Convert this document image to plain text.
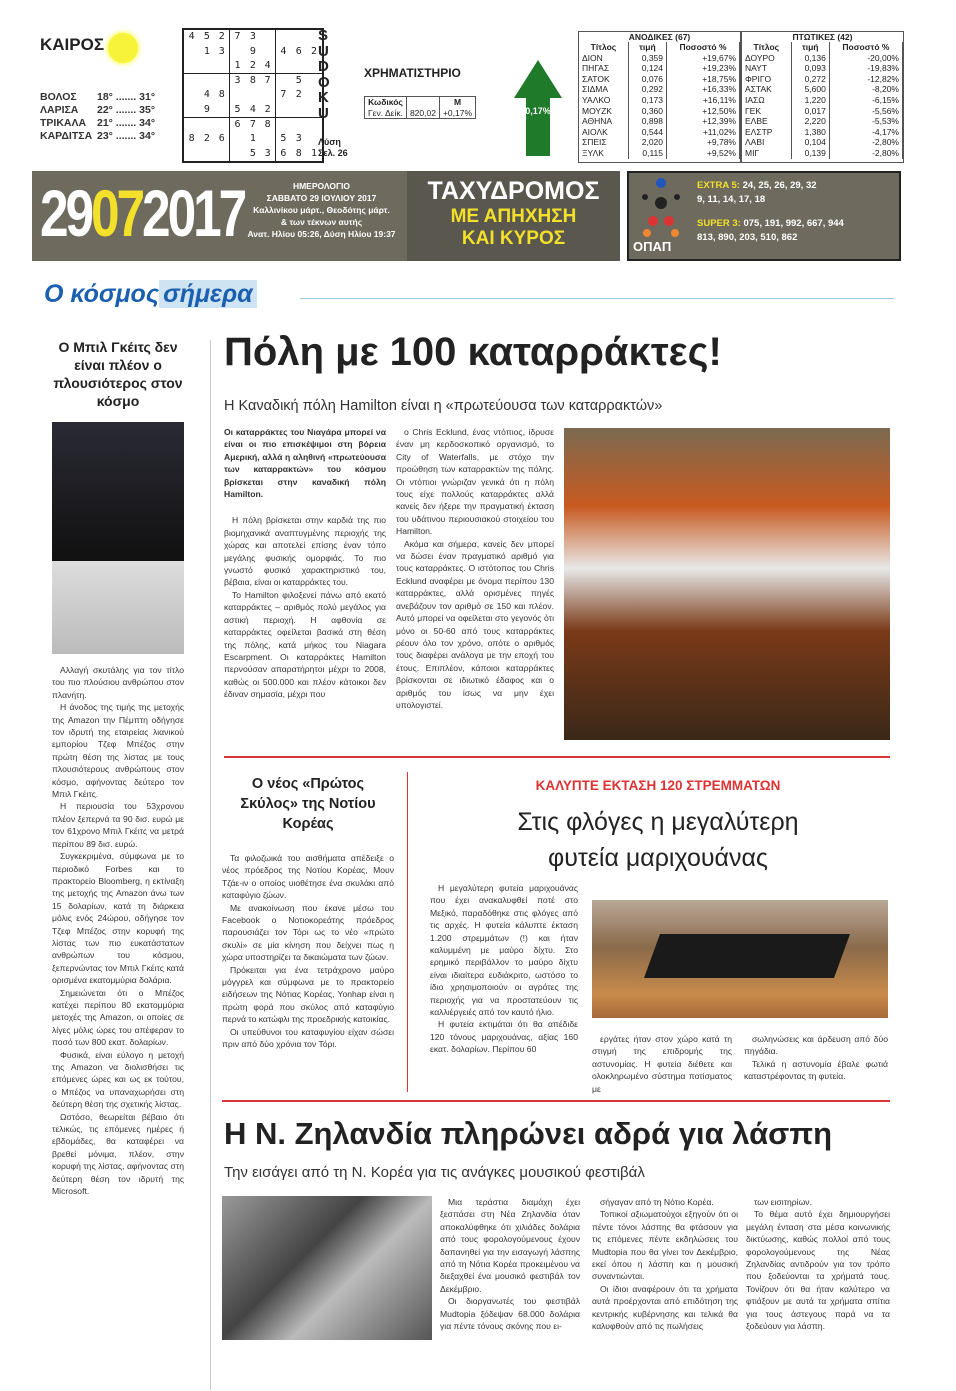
ΚΑΙΡΟΣ
ΒΟΛΟΣ	18° ....... 31°
ΛΑΡΙΣΑ	22° ....... 35°
ΤΡΙΚΑΛΑ	21° ....... 34°
ΚΑΡΔΙΤΣΑ 23° ....... 34°
4 5 2 7 3
1 3	9	4 6 2
1 2 4
3 8 7	5
4 8	7 2
9	5 4 2
6 7 8
8 2 6	1	5 3
5 3 6 8 1
SUDOKU
Λύση
Σελ. 26
ΧΡΗΜΑΤΙΣΤΗΡΙΟ
Κωδικός		Μ
Γεν. Δείκ.	820,02	+0,17%	+0,17%
ΑΝΟΔΙΚΕΣ (67)
Τίτλος	τιμή	Ποσοστό %
ΔΙΟΝ	0,359	+19,67%
ΠΗΓΑΣ	0,124	+19,23%
ΣΑΤΟΚ	0,076	+18,75%
ΣΙΔΜΑ	0,292	+16,33%
ΥΑΛΚΟ	0,173	+16,11%
ΜΟΥΖΚ	0,360	+12,50%
ΑΘΗΝΑ	0,898	+12,39%
ΑΙΟΛΚ	0,544	+11,02%
ΣΠΕΙΣ	2,020	+9,78%
ΞΥΛΚ	0,115	+9,52%
ΠΤΩΤΙΚΕΣ (42)
Τίτλος	τιμή	Ποσοστό %
ΔΟΥΡΟ	0,136	-20,00%
ΝΑΥΤ	0,093	-19,83%
ΦΡΙΓΟ	0,272	-12,82%
ΑΣΤΑΚ	5,600	-8,20%
ΙΑΣΩ	1,220	-6,15%
ΓΕΚ	0,017	-5,56%
ΕΛΒΕ	2,220	-5,53%
ΕΛΣΤΡ	1,380	-4,17%
ΛΑΒΙ	0,104	-2,80%
ΜΙΓ	0,139	-2,80%
29072017	ΗΜΕΡΟΛΟΓΙΟ
ΣΑΒΒΑΤΟ 29 ΙΟΥΛΙΟΥ 2017
Καλλινίκου μάρτ., Θεοδότης μάρτ.
& των τέκνων αυτής
Ανατ. Ηλίου 05:26, Δύση Ηλίου 19:37
ΤΑΧΥΔΡΟΜΟΣ
ΜΕ ΑΠΗΧΗΣΗ
ΚΑΙ ΚΥΡΟΣ	ΟΠΑΠ
EXTRA 5: 24, 25, 26, 29, 32
9, 11, 14, 17, 18
SUPER 3: 075, 191, 992, 667, 944
813, 890, 203, 510, 862
Ο κόσμος σήμερα
Ο Μπιλ Γκέιτς δεν είναι πλέον ο πλουσιότερος στον κόσμο

Αλλαγή σκυτάλης για τον τίτλο του πιο πλούσιου ανθρώπου στον πλανήτη.

Η άνοδος της τιμής της μετοχής της Amazon την Πέμπτη οδήγησε τον ιδρυτή της εταιρείας λιανικού εμπορίου Τζεφ Μπέζος στην πρώτη θέση της λίστας με τους πλουσιότερους ανθρώπους στον κόσμο, αφήνοντας δεύτερο τον Μπιλ Γκέιτς.

Η περιουσία του 53χρονου πλέον ξεπερνά τα 90 δισ. ευρώ με τον 61χρονο Μπιλ Γκέιτς να μετρά περίπου 89 δισ. ευρώ.

Συγκεκριμένα, σύμφωνα με το περιοδικό Forbes και το πρακτορείο Bloomberg, η εκτίναξη της μετοχής της Amazon άνω των 15 δολαρίων, κατά τη διάρκεια μόλις ενός 24ώρου, οδήγησε τον Τζεφ Μπέζος στην κορυφή της λίστας των πιο ευκατάστατων ανθρώπων του κόσμου, ξεπερνώντας τον Μπιλ Γκέιτς κατά ορισμένα εκατομμύρια δολάρια.

Σημειώνεται ότι ο Μπέζος κατέχει περίπου 80 εκατομμύρια μετοχές της Amazon, οι οποίες σε λίγες μόλις ώρες του απέφεραν το ποσό των 800 εκατ. δολαρίων.

Φυσικά, είναι εύλογο η μετοχή της Amazon να διολισθήσει τις επόμενες ώρες και ως εκ τούτου, ο Μπέζος να υπαναχωρήσει στη δεύτερη θέση της σχετικής λίστας.

Ωστόσο, θεωρείται βέβαιο ότι τελικώς, τις επόμενες ημέρες ή εβδομάδες, θα καταφέρει να βρεθεί μόνιμα, πλέον, στην κορυφή της λίστας, αφήνοντας στη δεύτερη θέση τον ιδρυτή της Microsoft.

Πόλη με 100 καταρράκτες!
Η Καναδική πόλη Hamilton είναι η «πρωτεύουσα των καταρρακτών»

Οι καταρράκτες του Νιαγάρα μπορεί να είναι οι πιο επισκέψιμοι στη βόρεια Αμερική, αλλά η αληθινή «πρωτεύουσα των καταρρακτών» του κόσμου βρίσκεται στην καναδική πόλη Hamilton.

Η πόλη βρίσκεται στην καρδιά της πιο βιομηχανικά αναπτυγμένης περιοχής της χώρας και αποτελεί επίσης έναν τόπο μεγάλης φυσικής ομορφιάς. Το πιο γνωστό φυσικό χαρακτηριστικό του, βέβαια, είναι οι καταρράκτες του.

Το Hamilton φιλοξενεί πάνω από εκατό καταρράκτες – αριθμός πολύ μεγάλος για αστική περιοχή. Η αφθονία σε καταρράκτες οφείλεται βασικά στη θέση της πόλης, κατά μήκος του Niagara Escarpment. Οι καταρράκτες Hamilton περνούσαν απαρατήρητοι μέχρι το 2008, καθώς οι 500.000 και πλέον κάτοικοι δεν έδιναν σημασία, μέχρι που

ο Chris Ecklund, ένας ντόπιος, ίδρυσε έναν μη κερδοσκοπικό οργανισμό, το City of Waterfalls, με στόχο την προώθηση των καταρρακτών της πόλης. Οι ντόπιοι γνώριζαν γενικά ότι η πόλη τους είχε πολλούς καταρράκτες αλλά κανείς δεν ήξερε την πραγματική έκταση του υδάτινου περιουσιακού στοιχείου του Hamilton.

Ακόμα και σήμερα, κανείς δεν μπορεί να δώσει έναν πραγματικό αριθμό για τους καταρράκτες. Ο ιστότοπος του Chris Ecklund αναφέρει με όνομα περίπου 130 καταρράκτες, αλλά ορισμένες πηγές ανεβάζουν τον αριθμό σε 150 και πλέον. Αυτό μπορεί να οφείλεται στο γεγονός ότι μόνο οι 50-60 από τους καταρράκτες ρέουν όλο τον χρόνο, οπότε ο αριθμός τους διαφέρει ανάλογα με την εποχή του έτους. Επιπλέον, κάποιοι καταρράκτες βρίσκονται σε ιδιωτικό έδαφος και ο αριθμός του ίσως να μην έχει υπολογιστεί.

Ο νέος «Πρώτος Σκύλος» της Νοτίου Κορέας

Τα φιλοζωικά του αισθήματα απέδειξε ο νέος πρόεδρος της Νοτίου Κορέας, Μουν Τζάε-ιν ο οποίος υιοθέτησε ένα σκυλάκι από καταφύγιο ζώων.

Με ανακοίνωση που έκανε μέσω του Facebook ο Νοτιοκορεάτης πρόεδρος παρουσιάζει τον Τόρι ως το νέο «πρώτο σκυλί» σε μία κίνηση που δείχνει πως η χώρα υποστηρίζει τα δικαιώματα των ζώων.

Πρόκειται για ένα τετράχρονο μαύρο μόγγρελ και σύμφωνα με το πρακτορείο ειδήσεων της Νότιας Κορέας, Yonhap είναι η πρώτη φορά που σκύλος από καταφύγιο περνά το κατώφλι της προεδρικής κατοικίας.

Οι υπεύθυνοι του καταφυγίου είχαν σώσει πριν από δύο χρόνια τον Τόρι.

ΚΑΛΥΠΤΕ ΕΚΤΑΣΗ 120 ΣΤΡΕΜΜΑΤΩΝ
Στις φλόγες η μεγαλύτερη φυτεία μαριχουάνας

Η μεγαλύτερη φυτεία μαριχουάνας που έχει ανακαλυφθεί ποτέ στο Μεξικό, παραδόθηκε στις φλόγες από τις αρχές. Η φυτεία κάλυπτε έκταση 1.200 στρεμμάτων (!) και ήταν καλυμμένη με μαύρο δίχτυ. Στο ερημικό περιβάλλον το μαύρο δίχτυ είναι ιδιαίτερα ευδιάκριτο, ωστόσο το ίδιο χρησιμοποιούν οι αγρότες της περιοχής για να προστατεύουν τις καλλιέργειές από τον καυτό ήλιο.

Η φυτεία εκτιμάται ότι θα απέδιδε 120 τόνους μαριχουάνας, αξίας 160 εκατ. δολαρίων. Περίπου 60

εργάτες ήταν στον χώρο κατά τη στιγμή της επιδρομής της αστυνομίας. Η φυτεία διέθετε και ολοκληρωμένο σύστημα ποτίσματος με

σωληνώσεις και άρδευση από δύο πηγάδια.

Τελικά η αστυνομία έβαλε φωτιά καταστρέφοντας τη φυτεία.

Η Ν. Ζηλανδία πληρώνει αδρά για λάσπη
Την εισάγει από τη Ν. Κορέα για τις ανάγκες μουσικού φεστιβάλ

Μια τεράστια διαμάχη έχει ξεσπάσει στη Νέα Ζηλανδία όταν αποκαλύφθηκε ότι χιλιάδες δολάρια από τους φορολογούμενους έχουν δαπανηθεί για την εισαγωγή λάσπης από τη Νότια Κορέα προκειμένου να διεξαχθεί ένα μουσικό φεστιβάλ τον Δεκέμβριο.

Οι διοργανωτές του φεστιβάλ Mudtopia ξόδεψαν 68.000 δολάρια για πέντε τόνους σκόνης που ει-

σήγαγαν από τη Νότιο Κορέα.

Τοπικοί αξιωματούχοι εξηγούν ότι οι πέντε τόνοι λάσπης θα φτάσουν για τις επόμενες πέντε εκδηλώσεις του Mudtopia που θα γίνει τον Δεκέμβριο, εκεί όπου η λάσπη και η μουσική συναντιώνται.

Οι ίδιοι αναφέρουν ότι τα χρήματα αυτά προέρχονται από επιδότηση της κεντρικής κυβέρνησης και τελικά θα καλυφθούν από τις πωλήσεις

των εισιτηρίων.

Το θέμα αυτό έχει δημιουργήσει μεγάλη ένταση στα μέσα κοινωνικής δικτύωσης, καθώς πολλοί από τους φορολογούμενους της Νέας Ζηλανδίας αντιδρούν για τον τρόπο που ξοδεύονται τα χρήματά τους. Τονίζουν ότι θα ήταν καλύτερο να φτιάξουν με αυτά τα χρήματα σπίτια για τους άστεγους παρά να τα ξοδεύουν για λάσπη.
